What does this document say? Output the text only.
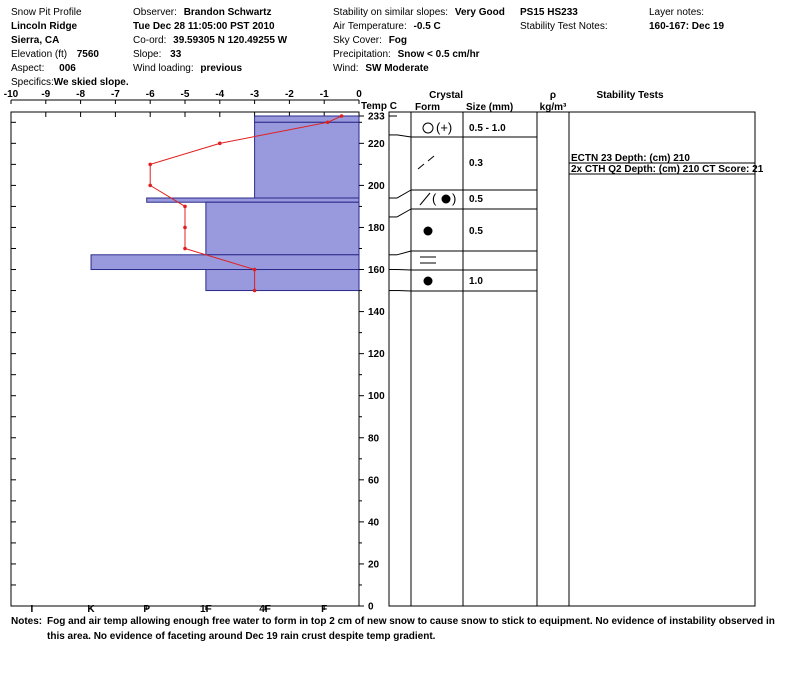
Snow Pit Profile
Lincoln Ridge
Sierra, CA
Elevation (ft) 7560
Aspect: 006
Specifics:We skied slope.
Observer: Brandon Schwartz
Tue Dec 28 11:05:00 PST 2010
Co-ord: 39.59305 N 120.49255 W
Slope: 33
Wind loading: previous
Stability on similar slopes: Very Good
Air Temperature: -0.5 C
Sky Cover: Fog
Precipitation: Snow < 0.5 cm/hr
Wind: SW Moderate
PS15 HS233
Stability Test Notes:
Layer notes:
160-167: Dec 19
Temp C
Crystal
Form	Size (mm)
ρ
kg/m³
Stability Tests
-10 -9	-8	-7	-6	-5	-4	-3	-2	-1	0
0
20
40
60
80
100
120
140
160
180
200
220
233
I	K	P	1F	4F	F
(+) 0.5 - 1.0
0.3
( ) 0.5
0.5
1.0
ECTN 23 Depth: (cm) 210
2x CTH Q2 Depth: (cm) 210 CT Score: 21
Notes: Fog and air temp allowing enough free water to form in top 2 cm of new snow to cause snow to stick to equipment. No evidence of instability observed in this area. No evidence of faceting around Dec 19 rain crust despite temp gradient.
